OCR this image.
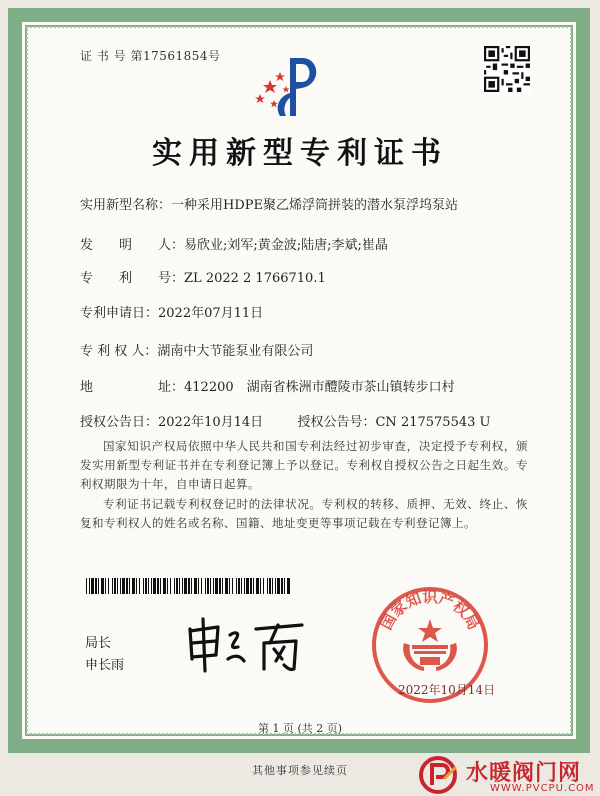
证 书 号 第17561854号
实用新型专利证书
实用新型名称：一种采用HDPE聚乙烯浮筒拼装的潜水泵浮坞泵站
发　　明　　人：易欣业;刘军;黄金波;陆唐;李斌;崔晶
专　　利　　号：ZL 2022 2 1766710.1
专利申请日：2022年07月11日
专 利 权 人：湖南中大节能泵业有限公司
地　　　　　址：412200　湖南省株洲市醴陵市茶山镇转步口村
授权公告日：2022年10月14日	授权公告号：CN 217575543 U
国家知识产权局依照中华人民共和国专利法经过初步审查，决定授予专利权，颁发实用新型专利证书并在专利登记簿上予以登记。专利权自授权公告之日起生效。专利权期限为十年，自申请日起算。
专利证书记载专利权登记时的法律状况。专利权的转移、质押、无效、终止、恢复和专利权人的姓名或名称、国籍、地址变更等事项记载在专利登记簿上。
局长
申长雨
国家知识产权局
2022年10月14日
第 1 页 (共 2 页)
其他事项参见续页	水暖阀门网
WWW.PVCPU.COM
